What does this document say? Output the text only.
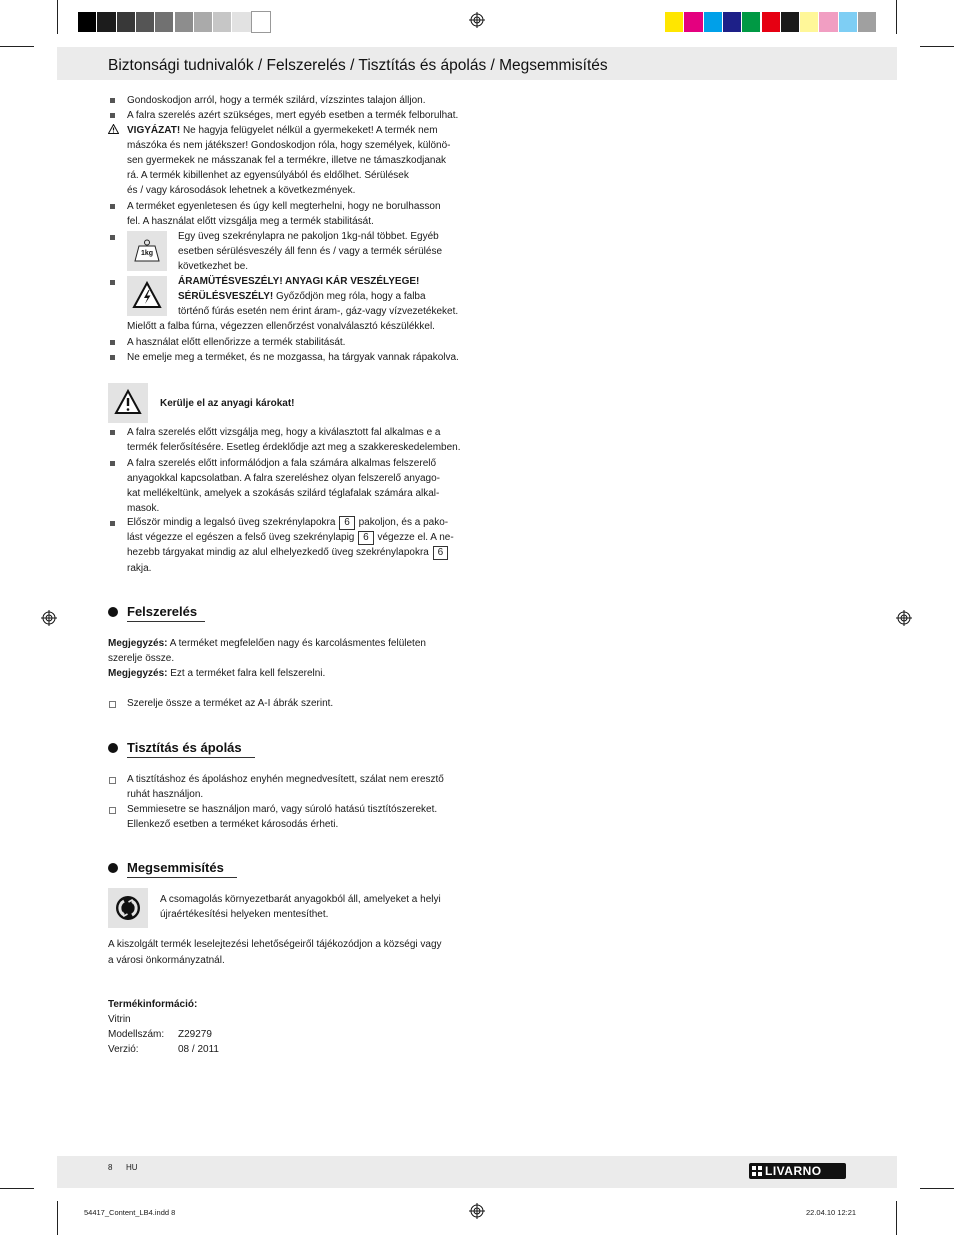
Biztonsági tudnivalók / Felszerelés / Tisztítás és ápolás / Megsemmisítés
Gondoskodjon arról, hogy a termék szilárd, vízszintes talajon álljon.
A falra szerelés azért szükséges, mert egyéb esetben a termék felborulhat.
VIGYÁZAT! Ne hagyja felügyelet nélkül a gyermekeket! A termék nem
mászóka és nem játékszer! Gondoskodjon róla, hogy személyek, különö-
sen gyermekek ne másszanak fel a termékre, illetve ne támaszkodjanak
rá. A termék kibillenhet az egyensúlyából és eldőlhet. Sérülések
és / vagy károsodások lehetnek a következmények.
A terméket egyenletesen és úgy kell megterhelni, hogy ne borulhasson
fel. A használat előtt vizsgálja meg a termék stabilitását.
1kg
Egy üveg szekrénylapra ne pakoljon 1kg-nál többet. Egyéb
esetben sérülésveszély áll fenn és / vagy a termék sérülése
következhet be.
ÁRAMÜTÉSVESZÉLY! ANYAGI KÁR VESZÉLYEGE!
SÉRÜLÉSVESZÉLY! Győződjön meg róla, hogy a falba
történő fúrás esetén nem érint áram-, gáz-vagy vízvezetékeket.
Mielőtt a falba fúrna, végezzen ellenőrzést vonalválasztó készülékkel.
A használat előtt ellenőrizze a termék stabilitását.
Ne emelje meg a terméket, és ne mozgassa, ha tárgyak vannak rápakolva.
Kerülje el az anyagi károkat!
A falra szerelés előtt vizsgálja meg, hogy a kiválasztott fal alkalmas e a
termék felerősítésére. Esetleg érdeklődje azt meg a szakkereskedelemben.
A falra szerelés előtt informálódjon a fala számára alkalmas felszerelő
anyagokkal kapcsolatban. A falra szereléshez olyan felszerelő anyago-
kat mellékeltünk, amelyek a szokásás szilárd téglafalak számára alkal-
masok.
Először mindig a legalsó üveg szekrénylapokra 6 pakoljon, és a pako-
lást végezze el egészen a felső üveg szekrénylapig 6 végezze el. A ne-
hezebb tárgyakat mindig az alul elhelyezkedő üveg szekrénylapokra 6
rakja.
Felszerelés
Megjegyzés: A terméket megfelelően nagy és karcolásmentes felületen
szerelje össze.
Megjegyzés: Ezt a terméket falra kell felszerelni.
Szerelje össze a terméket az A-I ábrák szerint.
Tisztítás és ápolás
A tisztításhoz és ápoláshoz enyhén megnedvesített, szálat nem eresztő
ruhát használjon.
Semmiesetre se használjon maró, vagy súroló hatású tisztítószereket.
Ellenkező esetben a terméket károsodás érheti.
Megsemmisítés
A csomagolás környezetbarát anyagokból áll, amelyeket a helyi
újraértékesítési helyeken mentesíthet.
A kiszolgált termék leselejtezési lehetőségeiről tájékozódjon a községi vagy
a városi önkormányzatnál.
Termékinformáció:
Vitrin
Modellszám: Z29279
Verzió:	08 / 2011
8 HU	LIVARNO
54417_Content_LB4.indd 8	22.04.10 12:21
